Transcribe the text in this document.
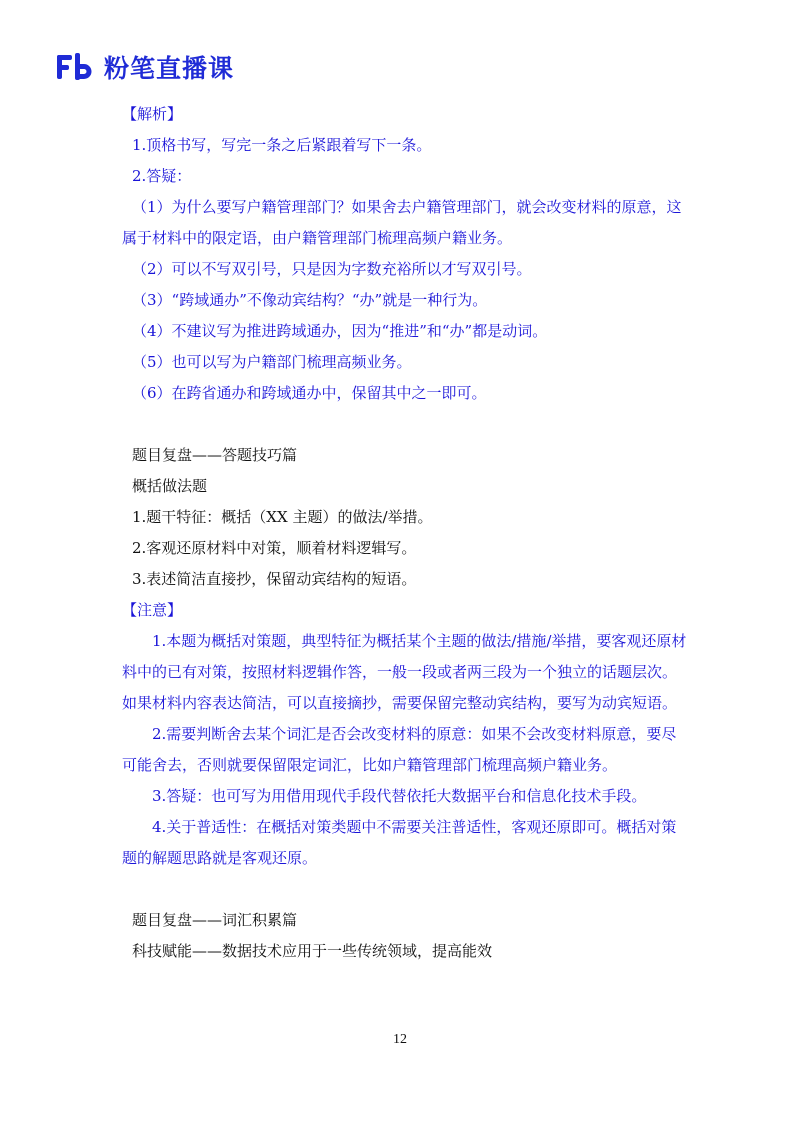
粉笔直播课

【解析】

1.顶格书写，写完一条之后紧跟着写下一条。

2.答疑：

（1）为什么要写户籍管理部门？如果舍去户籍管理部门，就会改变材料的原意，这属于材料中的限定语，由户籍管理部门梳理高频户籍业务。

（2）可以不写双引号，只是因为字数充裕所以才写双引号。

（3）“跨域通办”不像动宾结构？“办”就是一种行为。

（4）不建议写为推进跨域通办，因为“推进”和“办”都是动词。

（5）也可以写为户籍部门梳理高频业务。

（6）在跨省通办和跨域通办中，保留其中之一即可。

题目复盘——答题技巧篇

概括做法题

1.题干特征：概括（XX 主题）的做法/举措。

2.客观还原材料中对策，顺着材料逻辑写。

3.表述简洁直接抄，保留动宾结构的短语。

【注意】

1.本题为概括对策题，典型特征为概括某个主题的做法/措施/举措，要客观还原材料中的已有对策，按照材料逻辑作答，一般一段或者两三段为一个独立的话题层次。如果材料内容表达简洁，可以直接摘抄，需要保留完整动宾结构，要写为动宾短语。

2.需要判断舍去某个词汇是否会改变材料的原意：如果不会改变材料原意，要尽可能舍去，否则就要保留限定词汇，比如户籍管理部门梳理高频户籍业务。

3.答疑：也可写为用借用现代手段代替依托大数据平台和信息化技术手段。

4.关于普适性：在概括对策类题中不需要关注普适性，客观还原即可。概括对策题的解题思路就是客观还原。

题目复盘——词汇积累篇

科技赋能——数据技术应用于一些传统领域，提高能效

12
